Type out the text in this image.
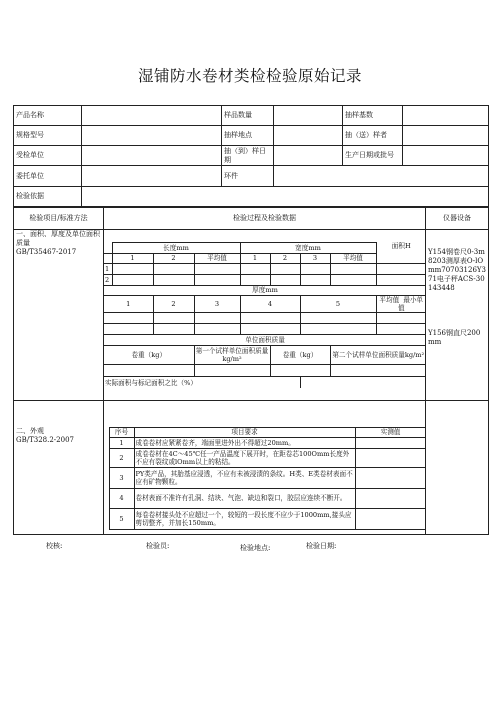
湿铺防水卷材类检检验原始记录
产品名称		样品数量		抽样基数	
规格型号		抽样地点		抽（送）样者	
受检单位		抽（到）样日期		生产日期或批号	
委托单位		环件			
检验依据					
检验项目/标准方法	检验过程及检验数据	仪器设备

一、面积、厚度及单位面积质量
GB/T35467-2017

	长度mm	宽度mm	面积H
	1	2	平均值	1	2	3	平均值
1								
2								
厚度mm
1	2	3	4	5	平均值 最小单值

单位面积质量
卷重（kg）	第一个试样单位面积质量kg/m²	卷重（kg）	第二个试样单位面积质量kg/m²

实际面积与标记面积之比（%）	

Y154钢卷尺0-3m8203测厚表O-lOmm70703126Y371电子秤ACS-30143448
Y156钢直尺200mm

二、外观
GB/T328.2-2007

	序号	项目要求	实测值
	1	成卷卷材应紧紧卷齐，端面里进外出不得超过20mm。	
	2	成卷卷材在4C～45℃任一产品温度下展开时，在距卷芯100Omm长度外不应有裂纹或lOmm以上的粘结。	
	3	PY类产品，其胎基应浸透，不应有未被浸渍的条纹。H类、E类卷材表面不应有矿物颗粒。	
	4	卷材表面不准许有孔洞、结块、气泡、缺边和裂口，胶层应连续不断开。	
	5	每卷卷材接头处不应超过一个，较短的一段长度不应少于1000mm,接头应剪切整齐，并加长150mm。	

校核:	检验员:	检验地点:	检验日期:
